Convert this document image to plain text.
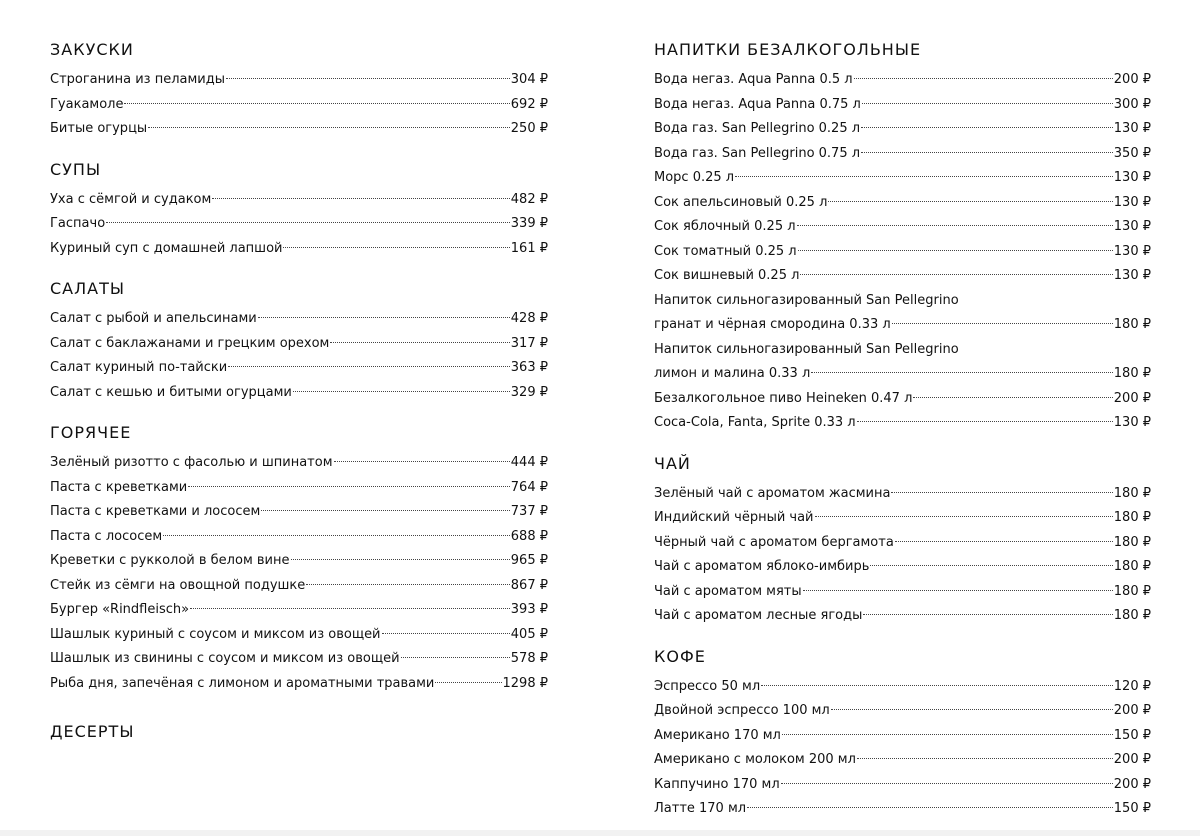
ЗАКУСКИ
Строганина из пеламиды	304 ₽
Гуакамоле	692 ₽
Битые огурцы	250 ₽
СУПЫ
Уха с сёмгой и судаком	482 ₽
Гаспачо	339 ₽
Куриный суп с домашней лапшой	161 ₽
САЛАТЫ
Салат с рыбой и апельсинами	428 ₽
Салат с баклажанами и грецким орехом	317 ₽
Салат куриный по-тайски	363 ₽
Салат с кешью и битыми огурцами	329 ₽
ГОРЯЧЕЕ
Зелёный ризотто с фасолью и шпинатом	444 ₽
Паста с креветками	764 ₽
Паста с креветками и лососем	737 ₽
Паста с лососем	688 ₽
Креветки с рукколой в белом вине	965 ₽
Стейк из сёмги на овощной подушке	867 ₽
Бургер «Rindfleisch»	393 ₽
Шашлык куриный с соусом и миксом из овощей	405 ₽
Шашлык из свинины с соусом и миксом из овощей	578 ₽
Рыба дня, запечёная с лимоном и ароматными травами	1298 ₽
ДЕСЕРТЫ
НАПИТКИ БЕЗАЛКОГОЛЬНЫЕ
Вода негаз. Aqua Panna 0.5 л	200 ₽
Вода негаз. Aqua Panna 0.75 л	300 ₽
Вода газ. San Pellegrino 0.25 л	130 ₽
Вода газ. San Pellegrino 0.75 л	350 ₽
Морс 0.25 л	130 ₽
Сок апельсиновый 0.25 л	130 ₽
Сок яблочный 0.25 л	130 ₽
Сок томатный 0.25 л	130 ₽
Сок вишневый 0.25 л	130 ₽
Напиток сильногазированный San Pellegrino
гранат и чёрная смородина 0.33 л	180 ₽
Напиток сильногазированный San Pellegrino
лимон и малина 0.33 л	180 ₽
Безалкогольное пиво Heineken 0.47 л	200 ₽
Coca-Cola, Fanta, Sprite 0.33 л	130 ₽
ЧАЙ
Зелёный чай с ароматом жасмина	180 ₽
Индийский чёрный чай	180 ₽
Чёрный чай с ароматом бергамота	180 ₽
Чай с ароматом яблоко-имбирь	180 ₽
Чай с ароматом мяты	180 ₽
Чай с ароматом лесные ягоды	180 ₽
КОФЕ
Эспрессо 50 мл	120 ₽
Двойной эспрессо 100 мл	200 ₽
Американо 170 мл	150 ₽
Американо с молоком 200 мл	200 ₽
Каппучино 170 мл	200 ₽
Латте 170 мл	150 ₽
